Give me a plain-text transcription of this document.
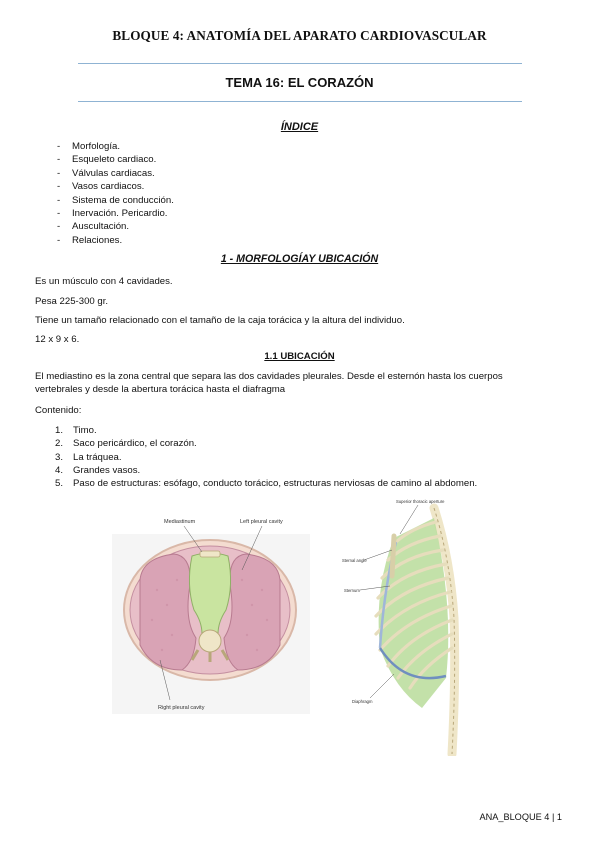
BLOQUE 4: ANATOMÍA DEL APARATO CARDIOVASCULAR
TEMA 16: EL CORAZÓN
ÍNDICE
- Morfología.
- Esqueleto cardiaco.
- Válvulas cardiacas.
- Vasos cardiacos.
- Sistema de conducción.
- Inervación. Pericardio.
- Auscultación.
- Relaciones.
1 - MORFOLOGÍAY UBICACIÓN
Es un músculo con 4 cavidades.
Pesa 225-300 gr.
Tiene un tamaño relacionado con el tamaño de la caja torácica y la altura del individuo.
12 x 9 x 6.
1.1 UBICACIÓN
El mediastino es la zona central que separa las dos cavidades pleurales. Desde el esternón hasta los cuerpos vertebrales y desde la abertura torácica hasta el diafragma
Contenido:
1. Timo.
2. Saco pericárdico, el corazón.
3. La tráquea.
4. Grandes vasos.
5. Paso de estructuras: esófago, conducto torácico, estructuras nerviosas de camino al abdomen.
Mediastinum	Left pleural cavity
Right pleural cavity
Superior thoracic aperture
Sternal angle
Sternum
Diaphragm
ANA_BLOQUE 4 | 1
